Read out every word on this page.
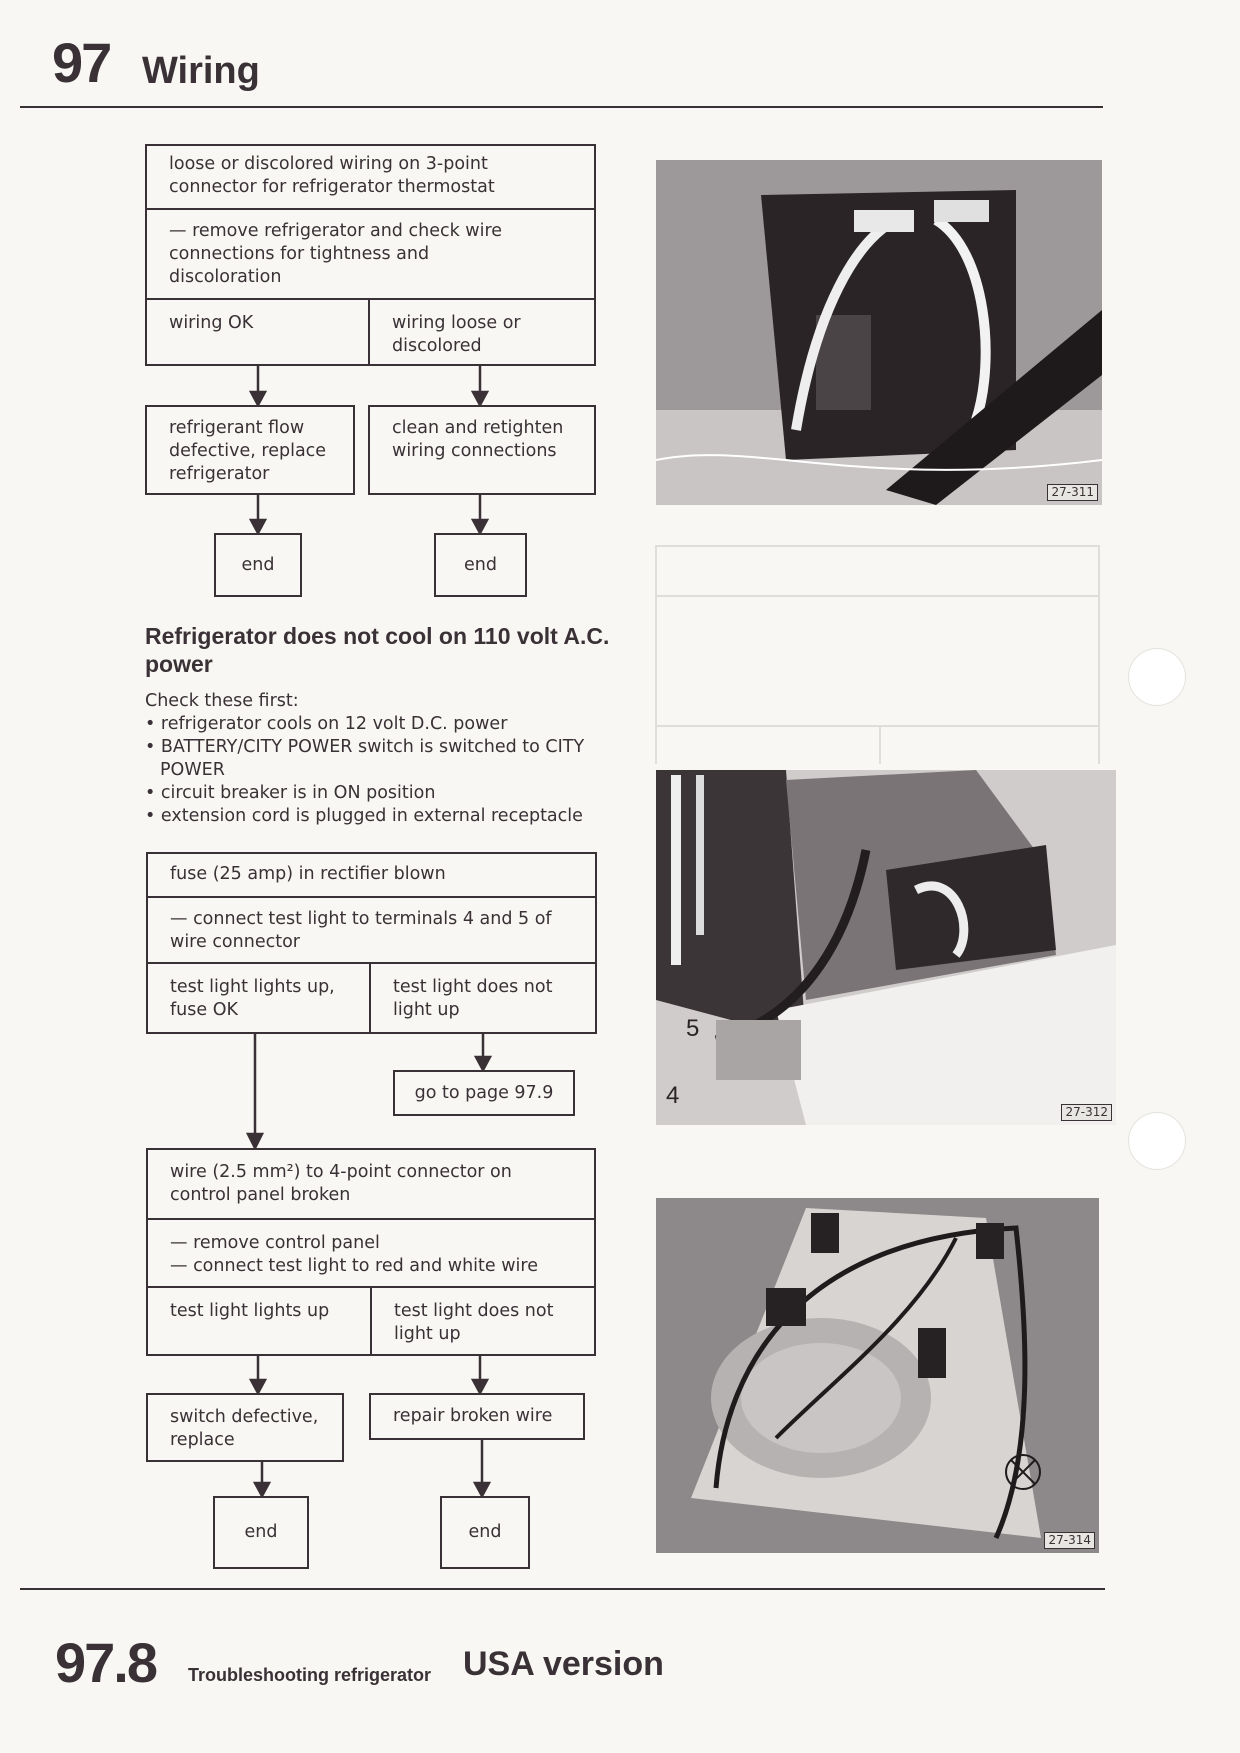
97 Wiring
loose or discolored wiring on 3-point
connector for refrigerator thermostat
— remove refrigerator and check wire
connections for tightness and
discoloration
wiring OK	wiring loose or
discolored
refrigerant flow
defective, replace
refrigerator
clean and retighten
wiring connections
end	end
Refrigerator does not cool on 110 volt A.C. power
Check these first:
• refrigerator cools on 12 volt D.C. power
• BATTERY/CITY POWER switch is switched to CITY POWER
• circuit breaker is in ON position
• extension cord is plugged in external receptacle
fuse (25 amp) in rectifier blown
— connect test light to terminals 4 and 5 of
wire connector
test light lights up,
fuse OK
test light does not
light up
go to page 97.9
wire (2.5 mm²) to 4-point connector on
control panel broken
— remove control panel
— connect test light to red and white wire
test light lights up	test light does not
light up
switch defective,
replace
repair broken wire
end	end
27-311
5
4
27-312
27-314
97.8 Troubleshooting refrigerator USA version
